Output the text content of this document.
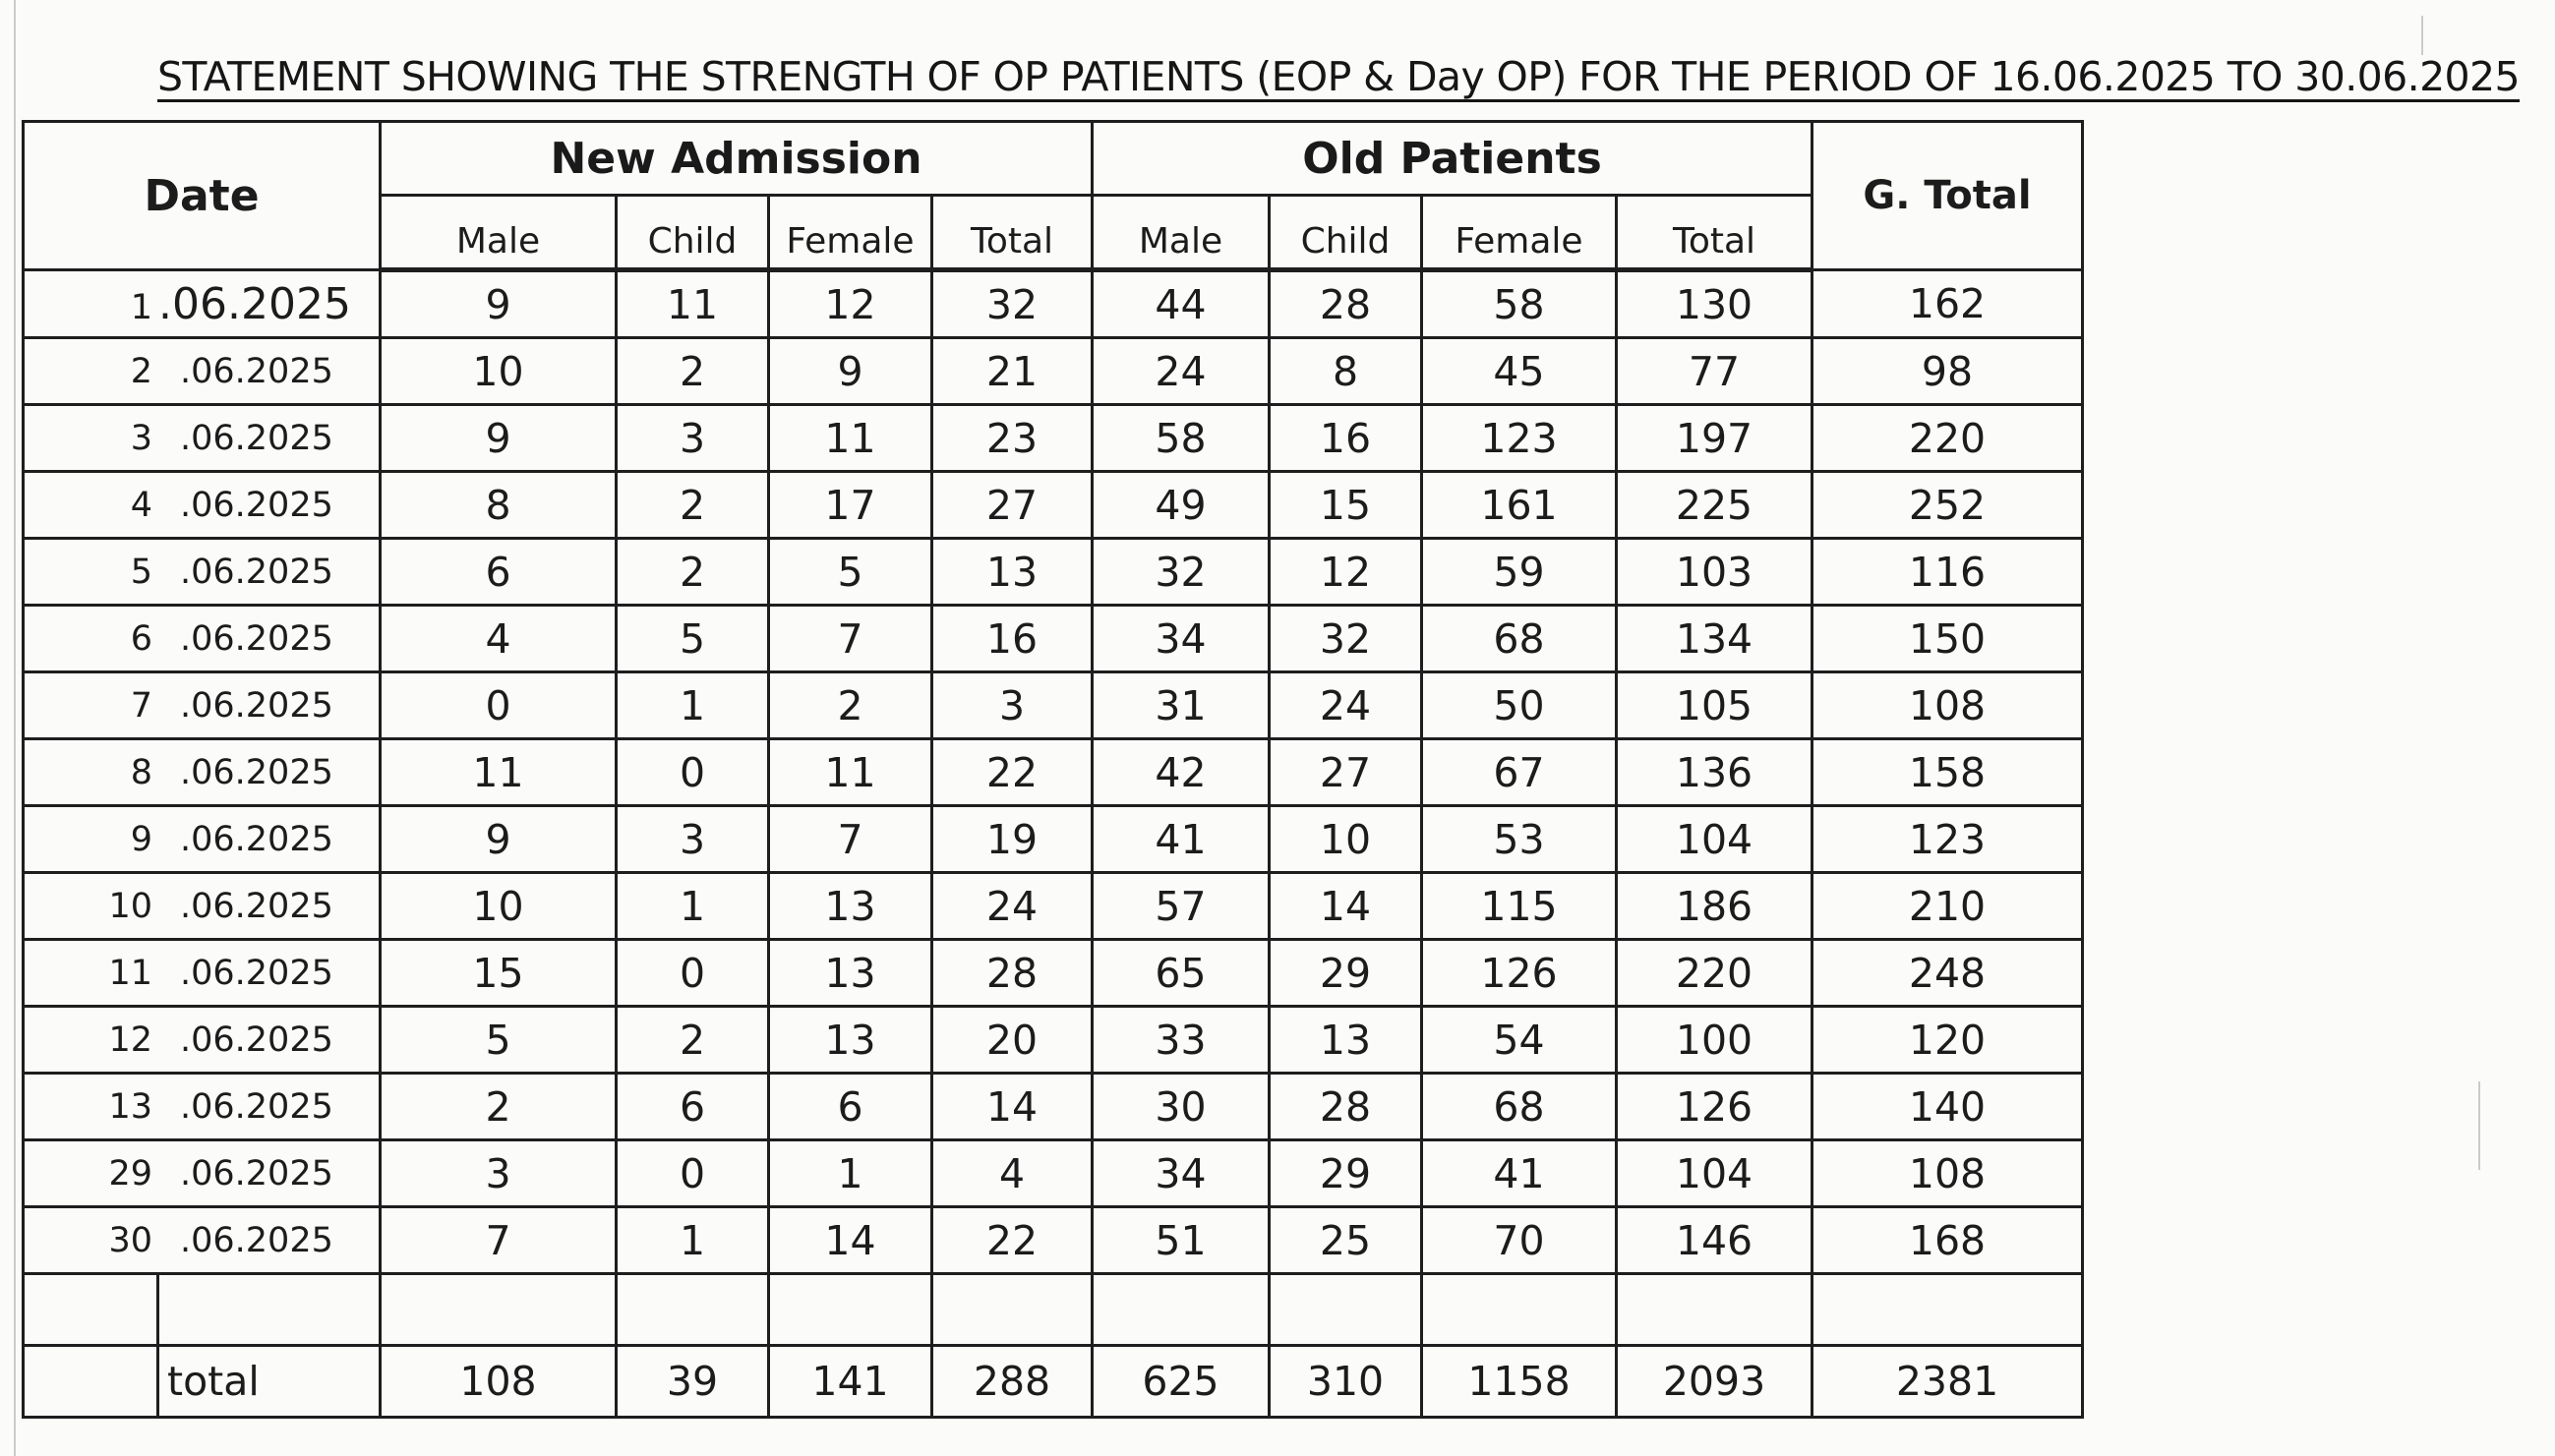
STATEMENT SHOWING THE STRENGTH OF OP PATIENTS (EOP & Day OP) FOR THE PERIOD OF 16.06.2025 TO 30.06.2025
Date		New Admission				Old Patients				G. Total
		Male	Child	Female	Total	Male	Child	Female	Total	
1 .06.2025		9	11	12	32	44	28	58	130	162
2 .06.2025		10	2	9	21	24	8	45	77	98
3 .06.2025		9	3	11	23	58	16	123	197	220
4 .06.2025		8	2	17	27	49	15	161	225	252
5 .06.2025		6	2	5	13	32	12	59	103	116
6 .06.2025		4	5	7	16	34	32	68	134	150
7 .06.2025		0	1	2	3	31	24	50	105	108
8 .06.2025		11	0	11	22	42	27	67	136	158
9 .06.2025		9	3	7	19	41	10	53	104	123
10 .06.2025		10	1	13	24	57	14	115	186	210
11 .06.2025		15	0	13	28	65	29	126	220	248
12 .06.2025		5	2	13	20	33	13	54	100	120
13 .06.2025		2	6	6	14	30	28	68	126	140
29 .06.2025		3	0	1	4	34	29	41	104	108
30 .06.2025		7	1	14	22	51	25	70	146	168

	total	108	39	141	288	625	310	1158	2093	2381
